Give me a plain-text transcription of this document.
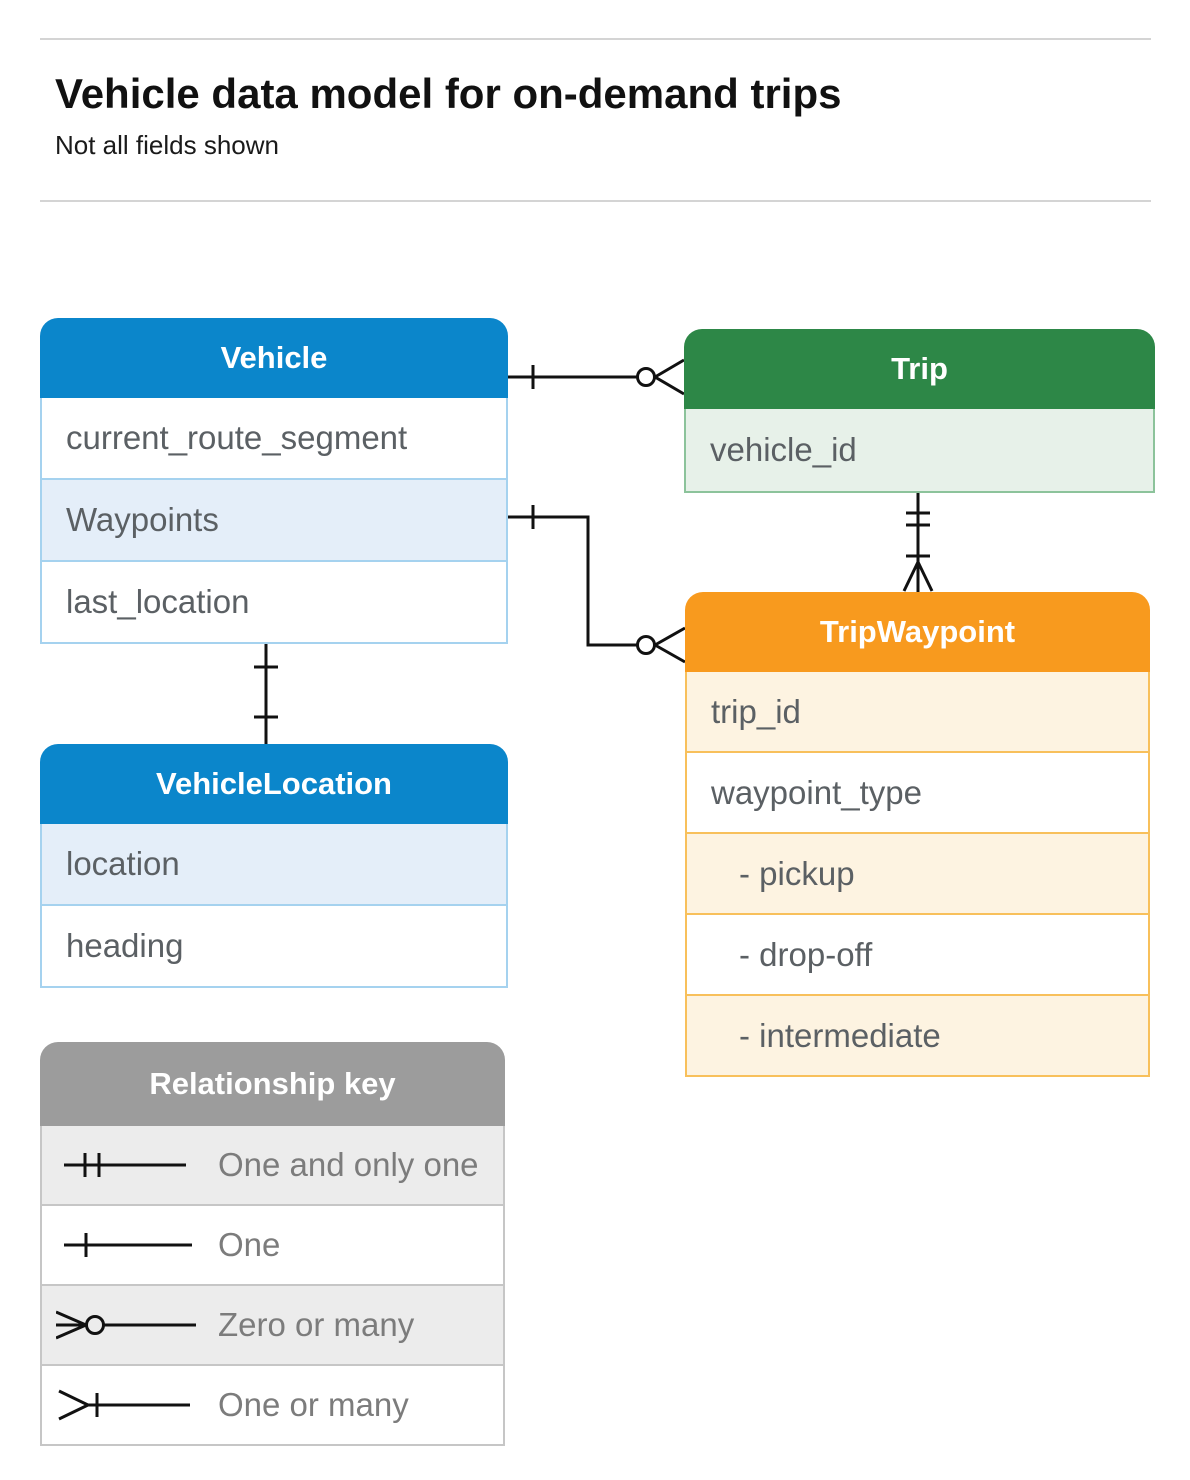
Vehicle data model for on-demand trips
Not all fields shown
Vehicle
current_route_segment
Waypoints
last_location
Trip
vehicle_id
TripWaypoint
trip_id
waypoint_type
- pickup
- drop-off
- intermediate
VehicleLocation
location
heading
Relationship key
One and only one
One
Zero or many
One or many
